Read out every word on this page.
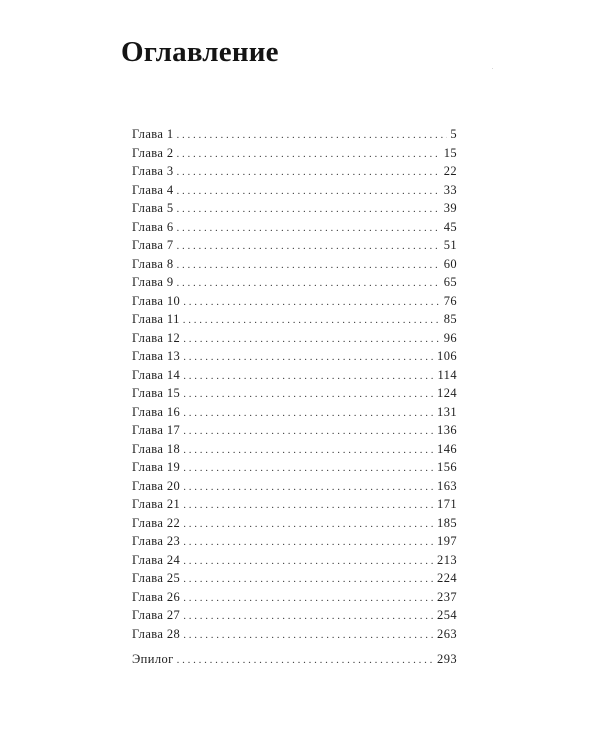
Оглавление
Глава 1 . . .	5
Глава 2 . . .	15
Глава 3 . . .	22
Глава 4 . . .	33
Глава 5 . . .	39
Глава 6 . . .	45
Глава 7 . . .	51
Глава 8 . . .	60
Глава 9 . . .	65
Глава 10 . . .	76
Глава 11 . . .	85
Глава 12 . . .	96
Глава 13 . . .	106
Глава 14 . . .	114
Глава 15 . . .	124
Глава 16 . . .	131
Глава 17 . . .	136
Глава 18 . . .	146
Глава 19 . . .	156
Глава 20 . . .	163
Глава 21 . . .	171
Глава 22 . . .	185
Глава 23 . . .	197
Глава 24 . . .	213
Глава 25 . . .	224
Глава 26 . . .	237
Глава 27 . . .	254
Глава 28 . . .	263
Эпилог . . .	293
